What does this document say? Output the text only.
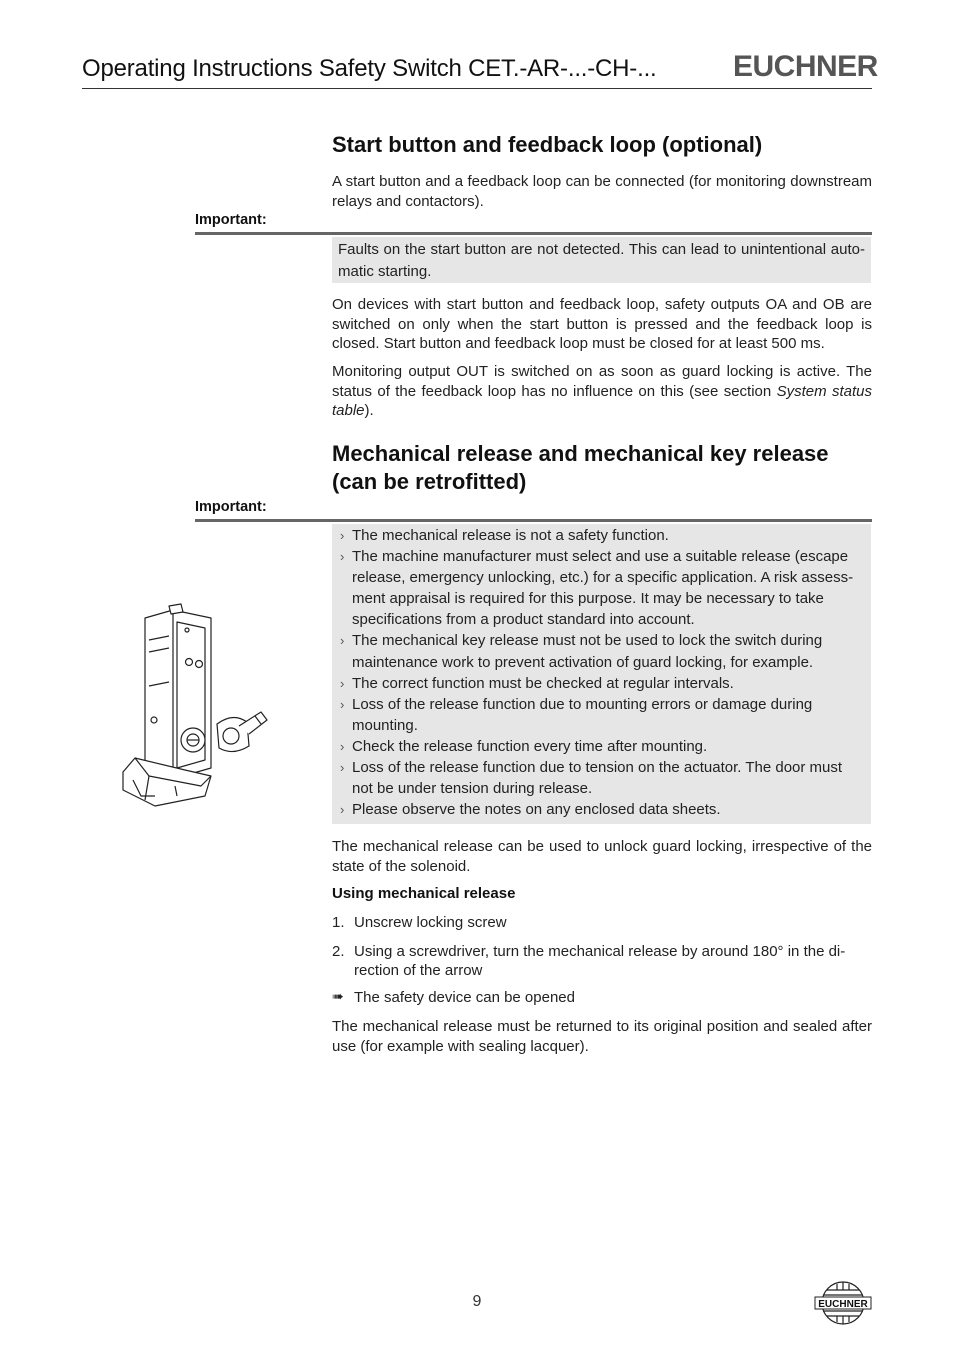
Operating Instructions Safety Switch CET.-AR-...-CH-...	EUCHNER
Start button and feedback loop (optional)
A start button and a feedback loop can be connected (for monitoring downstream relays and contactors).
Important:
Faults on the start button are not detected. This can lead to unintentional automatic starting.
On devices with start button and feedback loop, safety outputs OA and OB are switched on only when the start button is pressed and the feedback loop is closed. Start button and feedback loop must be closed for at least 500 ms.
Monitoring output OUT is switched on as soon as guard locking is active. The status of the feedback loop has no influence on this (see section System status table).
Mechanical release and mechanical key release
(can be retrofitted)
Important:
› The mechanical release is not a safety function.
› The machine manufacturer must select and use a suitable release (escape release, emergency unlocking, etc.) for a specific application. A risk assessment appraisal is required for this purpose. It may be necessary to take specifications from a product standard into account.
› The mechanical key release must not be used to lock the switch during maintenance work to prevent activation of guard locking, for example.
› The correct function must be checked at regular intervals.
› Loss of the release function due to mounting errors or damage during mounting.
› Check the release function every time after mounting.
› Loss of the release function due to tension on the actuator. The door must not be under tension during release.
› Please observe the notes on any enclosed data sheets.
The mechanical release can be used to unlock guard locking, irrespective of the state of the solenoid.
Using mechanical release
1. Unscrew locking screw
2. Using a screwdriver, turn the mechanical release by around 180° in the direction of the arrow
➠ The safety device can be opened
The mechanical release must be returned to its original position and sealed after use (for example with sealing lacquer).
9	EUCHNER
